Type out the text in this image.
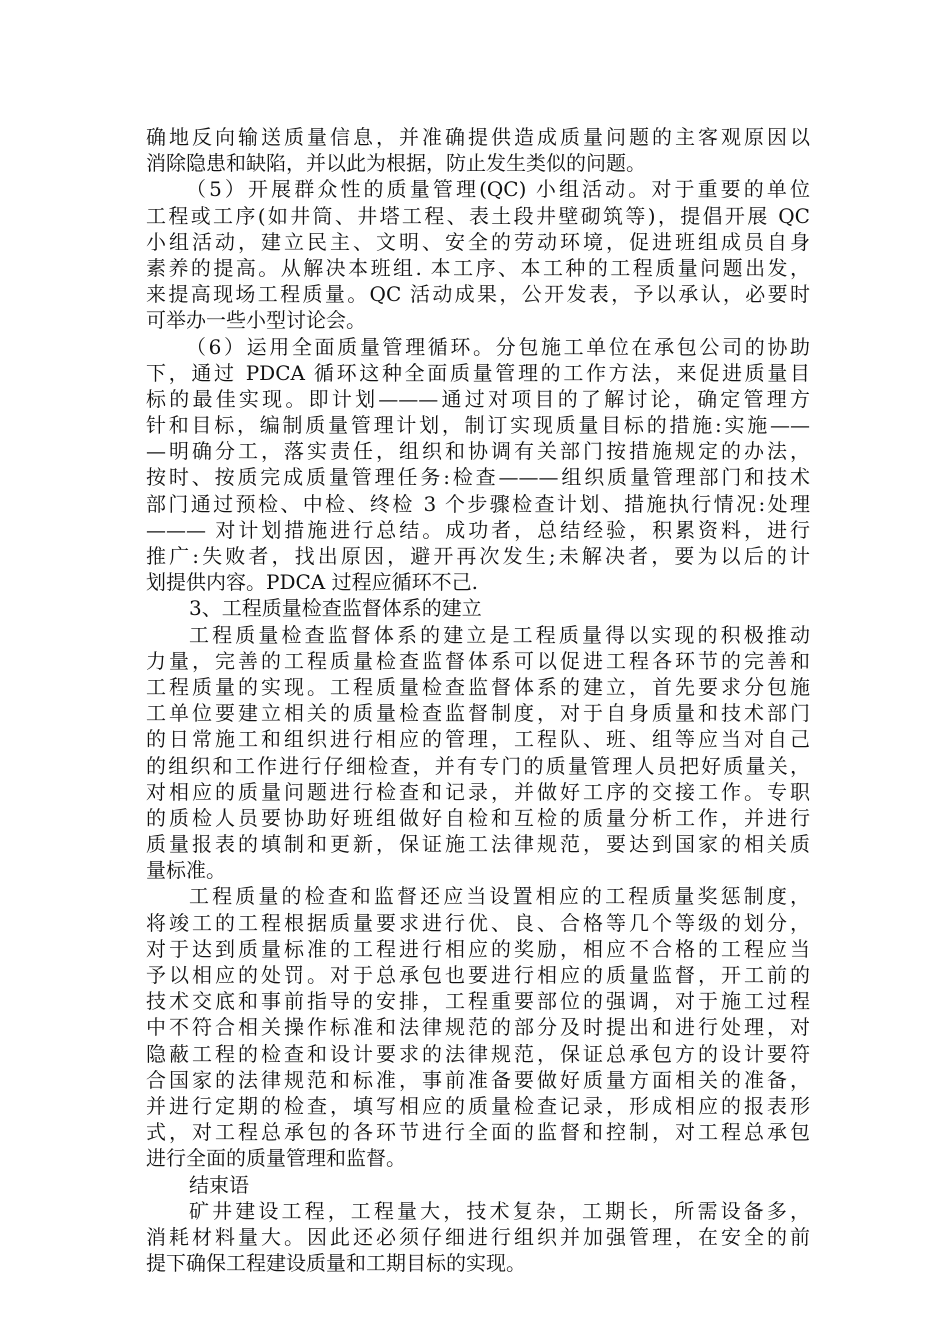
确地反向输送质量信息，并准确提供造成质量问题的主客观原因以
消除隐患和缺陷，并以此为根据，防止发生类似的问题。
（5）开展群众性的质量管理(QC) 小组活动。对于重要的单位
工程或工序(如井筒、井塔工程、表土段井壁砌筑等)，提倡开展 QC
小组活动，建立民主、文明、安全的劳动环境，促进班组成员自身
素养的提高。从解决本班组. 本工序、本工种的工程质量问题出发，
来提高现场工程质量。QC 活动成果，公开发表，予以承认，必要时
可举办一些小型讨论会。
（6）运用全面质量管理循环。分包施工单位在承包公司的协助
下，通过 PDCA 循环这种全面质量管理的工作方法，来促进质量目
标的最佳实现。即计划———通过对项目的了解讨论，确定管理方
针和目标，编制质量管理计划，制订实现质量目标的措施:实施——
—明确分工，落实责任，组织和协调有关部门按措施规定的办法，
按时、按质完成质量管理任务:检查———组织质量管理部门和技术
部门通过预检、中检、终检 3 个步骤检查计划、措施执行情况:处理
——— 对计划措施进行总结。成功者，总结经验，积累资料，进行
推广:失败者，找出原因，避开再次发生;未解决者，要为以后的计
划提供内容。PDCA 过程应循环不己.
3、工程质量检查监督体系的建立
工程质量检查监督体系的建立是工程质量得以实现的积极推动
力量，完善的工程质量检查监督体系可以促进工程各环节的完善和
工程质量的实现。工程质量检查监督体系的建立，首先要求分包施
工单位要建立相关的质量检查监督制度，对于自身质量和技术部门
的日常施工和组织进行相应的管理，工程队、班、组等应当对自己
的组织和工作进行仔细检查，并有专门的质量管理人员把好质量关，
对相应的质量问题进行检查和记录，并做好工序的交接工作。专职
的质检人员要协助好班组做好自检和互检的质量分析工作，并进行
质量报表的填制和更新，保证施工法律规范，要达到国家的相关质
量标准。
工程质量的检查和监督还应当设置相应的工程质量奖惩制度，
将竣工的工程根据质量要求进行优、良、合格等几个等级的划分，
对于达到质量标准的工程进行相应的奖励，相应不合格的工程应当
予以相应的处罚。对于总承包也要进行相应的质量监督，开工前的
技术交底和事前指导的安排，工程重要部位的强调，对于施工过程
中不符合相关操作标准和法律规范的部分及时提出和进行处理，对
隐蔽工程的检查和设计要求的法律规范，保证总承包方的设计要符
合国家的法律规范和标准，事前准备要做好质量方面相关的准备，
并进行定期的检查，填写相应的质量检查记录，形成相应的报表形
式，对工程总承包的各环节进行全面的监督和控制，对工程总承包
进行全面的质量管理和监督。
结束语
矿井建设工程，工程量大，技术复杂，工期长，所需设备多，
消耗材料量大。因此还必须仔细进行组织并加强管理，在安全的前
提下确保工程建设质量和工期目标的实现。
